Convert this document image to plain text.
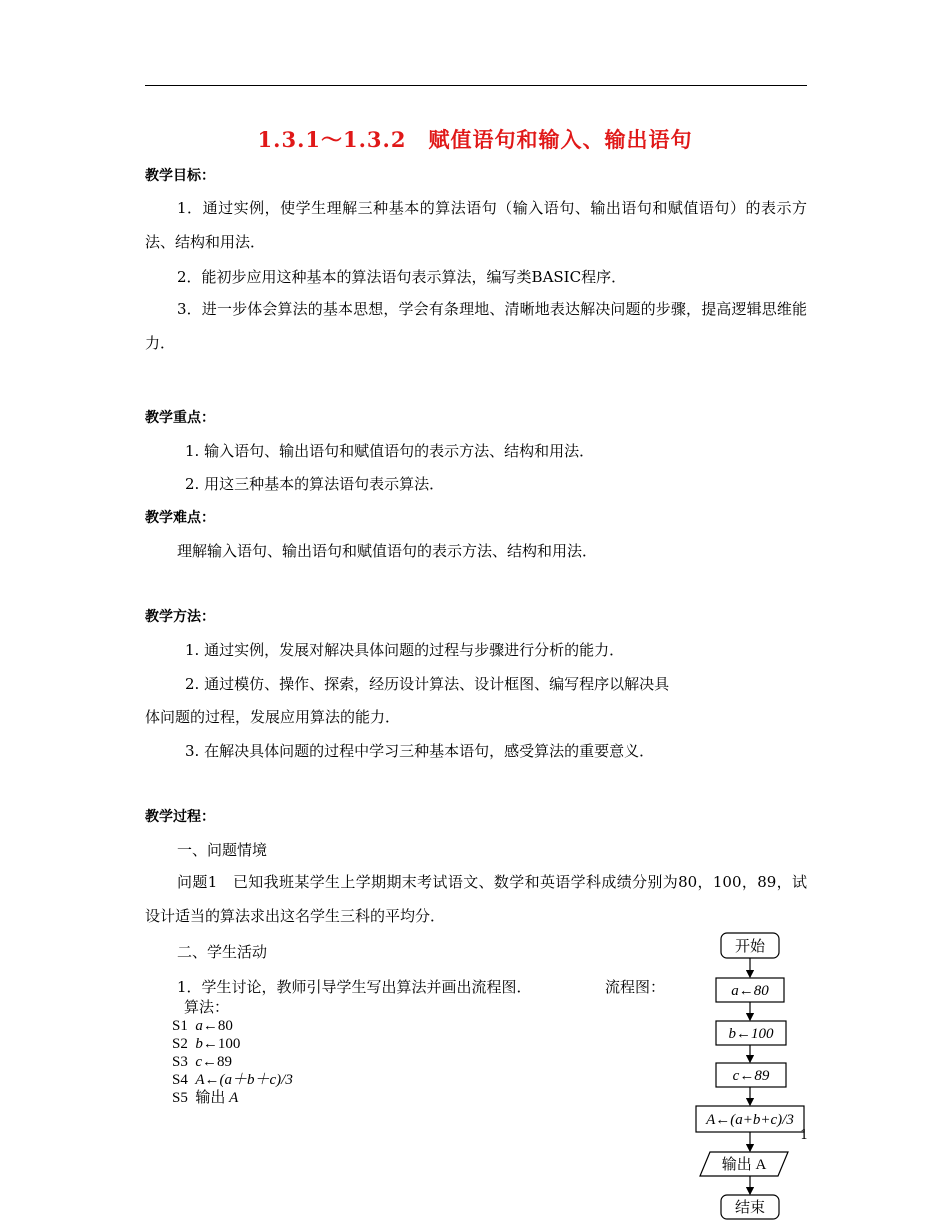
1.3.1～1.3.2　赋值语句和输入、输出语句
教学目标：
1．通过实例，使学生理解三种基本的算法语句（输入语句、输出语句和赋值语句）的表示方法、结构和用法．
2．能初步应用这种基本的算法语句表示算法，编写类BASIC程序．
3．进一步体会算法的基本思想，学会有条理地、清晰地表达解决问题的步骤，提高逻辑思维能力．
教学重点：
1. 输入语句、输出语句和赋值语句的表示方法、结构和用法．
2. 用这三种基本的算法语句表示算法．
教学难点：
理解输入语句、输出语句和赋值语句的表示方法、结构和用法．
教学方法：
1. 通过实例，发展对解决具体问题的过程与步骤进行分析的能力．
2. 通过模仿、操作、探索，经历设计算法、设计框图、编写程序以解决具
体问题的过程，发展应用算法的能力．
3. 在解决具体问题的过程中学习三种基本语句，感受算法的重要意义．
教学过程：
一、问题情境
问题1　已知我班某学生上学期期末考试语文、数学和英语学科成绩分别为80，100，89，试设计适当的算法求出这名学生三科的平均分．
二、学生活动
1．学生讨论，教师引导学生写出算法并画出流程图．	流程图：
算法：
S1 a←80
S2 b←100
S3 c←89
S4 A←(a＋b＋c)/3
S5 输出 A
开始
a←80
b←100
c←89
A←(a+b+c)/3
输出 A
结束
1
